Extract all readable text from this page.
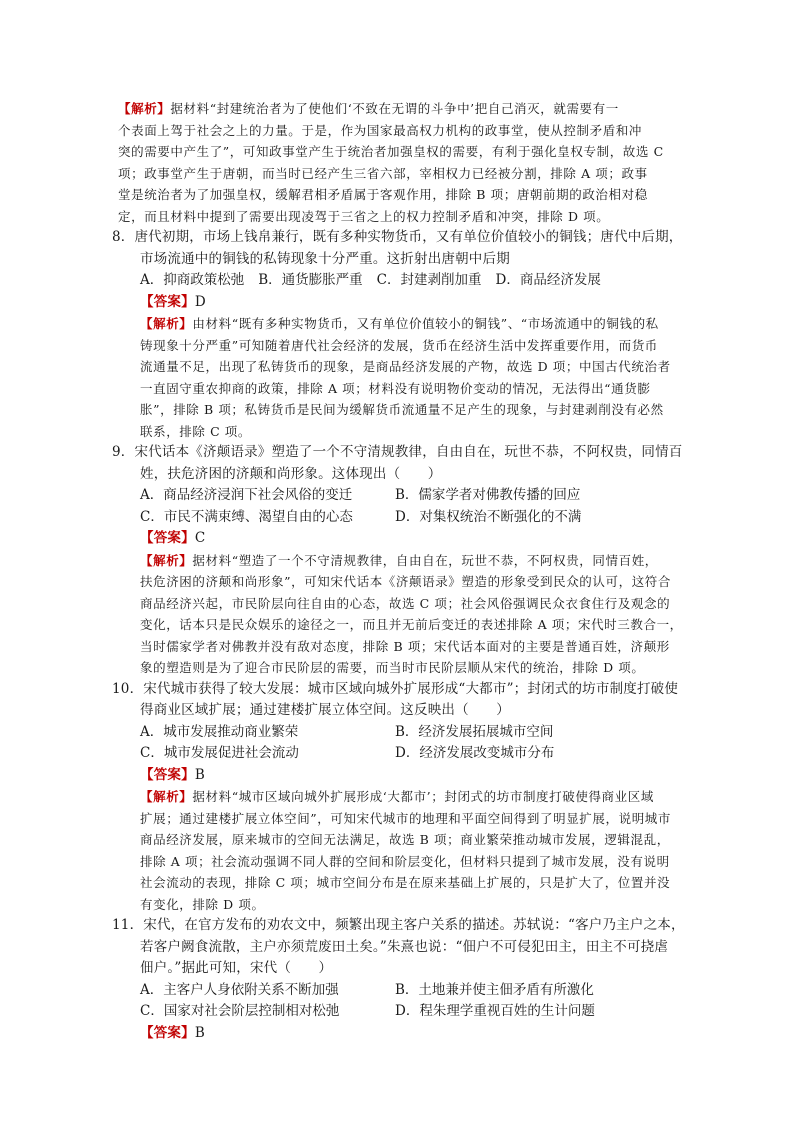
【解析】据材料“封建统治者为了使他们‘不致在无谓的斗争中’把自己消灭，就需要有一
个表面上驾于社会之上的力量。于是，作为国家最高权力机构的政事堂，使从控制矛盾和冲
突的需要中产生了”，可知政事堂产生于统治者加强皇权的需要，有利于强化皇权专制，故选 C
项；政事堂产生于唐朝，而当时已经产生三省六部，宰相权力已经被分割，排除 A 项；政事
堂是统治者为了加强皇权，缓解君相矛盾属于客观作用，排除 B 项；唐朝前期的政治相对稳
定，而且材料中提到了需要出现凌驾于三省之上的权力控制矛盾和冲突，排除 D 项。
8．唐代初期，市场上钱帛兼行，既有多种实物货币，又有单位价值较小的铜钱；唐代中后期，
市场流通中的铜钱的私铸现象十分严重。这折射出唐朝中后期
A．抑商政策松弛 B．通货膨胀严重 C．封建剥削加重 D．商品经济发展
【答案】D
【解析】由材料“既有多种实物货币，又有单位价值较小的铜钱”、“市场流通中的铜钱的私
铸现象十分严重”可知随着唐代社会经济的发展，货币在经济生活中发挥重要作用，而货币
流通量不足，出现了私铸货币的现象，是商品经济发展的产物，故选 D 项；中国古代统治者
一直固守重农抑商的政策，排除 A 项；材料没有说明物价变动的情况，无法得出“通货膨
胀”，排除 B 项；私铸货币是民间为缓解货币流通量不足产生的现象，与封建剥削没有必然
联系，排除 C 项。
9．宋代话本《济颠语录》塑造了一个不守清规教律，自由自在，玩世不恭，不阿权贵，同情百
姓，扶危济困的济颠和尚形象。这体现出（　　）
A．商品经济浸润下社会风俗的变迁	B．儒家学者对佛教传播的回应
C．市民不满束缚、渴望自由的心态	D．对集权统治不断强化的不满
【答案】C
【解析】据材料“塑造了一个不守清规教律，自由自在，玩世不恭，不阿权贵，同情百姓，
扶危济困的济颠和尚形象”，可知宋代话本《济颠语录》塑造的形象受到民众的认可，这符合
商品经济兴起，市民阶层向往自由的心态，故选 C 项；社会风俗强调民众衣食住行及观念的
变化，话本只是民众娱乐的途径之一，而且并无前后变迁的表述排除 A 项；宋代时三教合一，
当时儒家学者对佛教并没有敌对态度，排除 B 项；宋代话本面对的主要是普通百姓，济颠形
象的塑造则是为了迎合市民阶层的需要，而当时市民阶层顺从宋代的统治，排除 D 项。
10．宋代城市获得了较大发展：城市区域向城外扩展形成“大都市”；封闭式的坊市制度打破使
得商业区域扩展；通过建楼扩展立体空间。这反映出（　　）
A．城市发展推动商业繁荣	B．经济发展拓展城市空间
C．城市发展促进社会流动	D．经济发展改变城市分布
【答案】B
【解析】据材料“城市区域向城外扩展形成‘大都市’；封闭式的坊市制度打破使得商业区域
扩展；通过建楼扩展立体空间”，可知宋代城市的地理和平面空间得到了明显扩展，说明城市
商品经济发展，原来城市的空间无法满足，故选 B 项；商业繁荣推动城市发展，逻辑混乱，
排除 A 项；社会流动强调不同人群的空间和阶层变化，但材料只提到了城市发展，没有说明
社会流动的表现，排除 C 项；城市空间分布是在原来基础上扩展的，只是扩大了，位置并没
有变化，排除 D 项。
11．宋代，在官方发布的劝农文中，频繁出现主客户关系的描述。苏轼说：“客户乃主户之本，
若客户阙食流散，主户亦须荒废田土矣。”朱熹也说：“佃户不可侵犯田主，田主不可挠虐
佃户。”据此可知，宋代（　　）
A．主客户人身依附关系不断加强	B．土地兼并使主佃矛盾有所激化
C．国家对社会阶层控制相对松弛	D．程朱理学重视百姓的生计问题
【答案】B
